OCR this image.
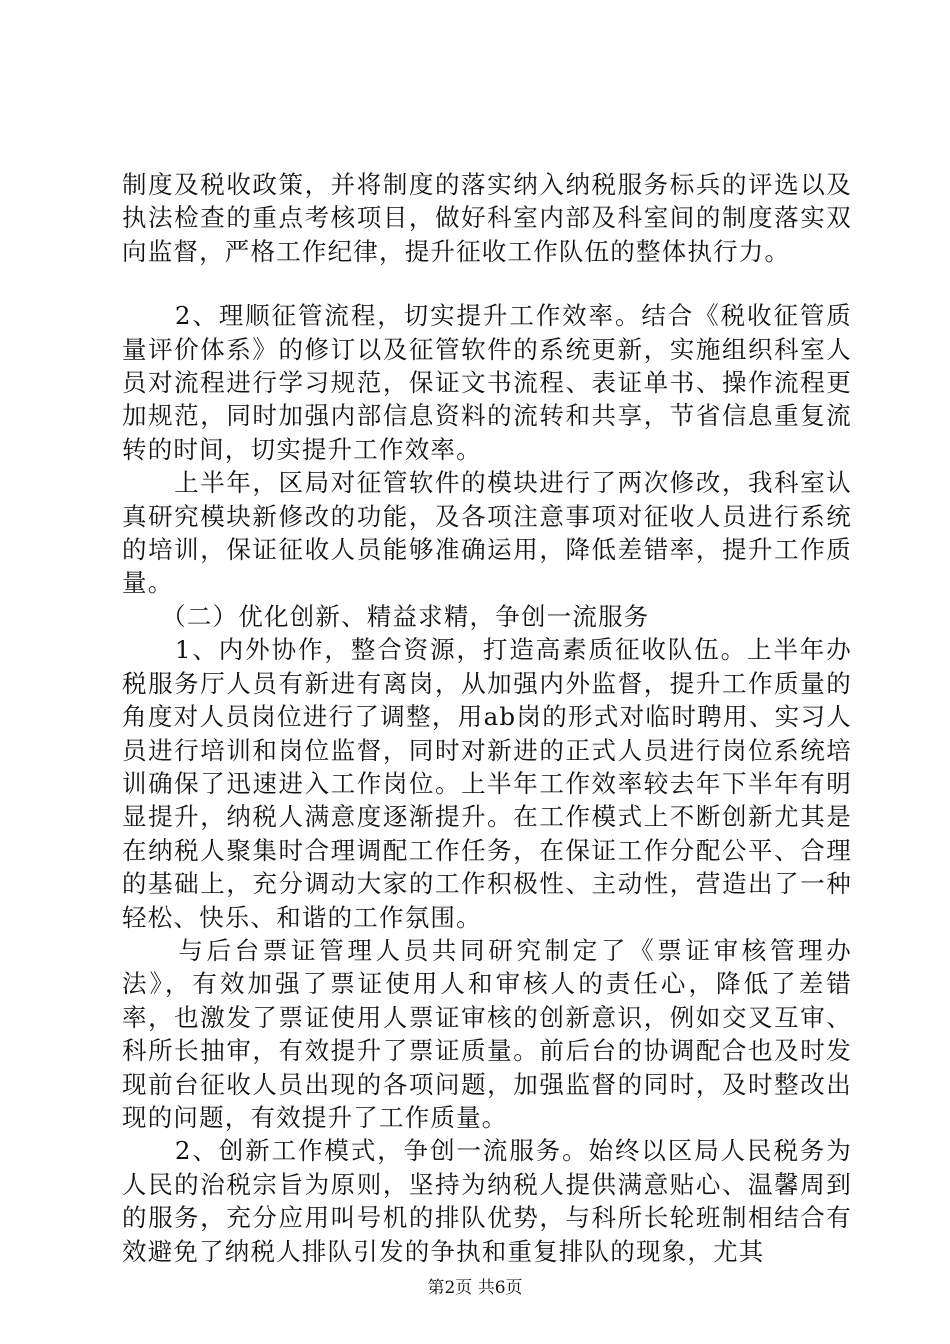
制度及税收政策，并将制度的落实纳入纳税服务标兵的评选以及执法检查的重点考核项目，做好科室内部及科室间的制度落实双向监督，严格工作纪律，提升征收工作队伍的整体执行力。

　　2、理顺征管流程，切实提升工作效率。结合《税收征管质量评价体系》的修订以及征管软件的系统更新，实施组织科室人员对流程进行学习规范，保证文书流程、表证单书、操作流程更加规范，同时加强内部信息资料的流转和共享，节省信息重复流转的时间，切实提升工作效率。

　　上半年，区局对征管软件的模块进行了两次修改，我科室认真研究模块新修改的功能，及各项注意事项对征收人员进行系统的培训，保证征收人员能够准确运用，降低差错率，提升工作质量。

　　（二）优化创新、精益求精，争创一流服务

　　1、内外协作，整合资源，打造高素质征收队伍。上半年办税服务厅人员有新进有离岗，从加强内外监督，提升工作质量的角度对人员岗位进行了调整，用ab岗的形式对临时聘用、实习人员进行培训和岗位监督，同时对新进的正式人员进行岗位系统培训确保了迅速进入工作岗位。上半年工作效率较去年下半年有明显提升，纳税人满意度逐渐提升。在工作模式上不断创新尤其是在纳税人聚集时合理调配工作任务，在保证工作分配公平、合理的基础上，充分调动大家的工作积极性、主动性，营造出了一种轻松、快乐、和谐的工作氛围。

　　与后台票证管理人员共同研究制定了《票证审核管理办法》，有效加强了票证使用人和审核人的责任心，降低了差错率，也激发了票证使用人票证审核的创新意识，例如交叉互审、科所长抽审，有效提升了票证质量。前后台的协调配合也及时发现前台征收人员出现的各项问题，加强监督的同时，及时整改出现的问题，有效提升了工作质量。

　　2、创新工作模式，争创一流服务。始终以区局人民税务为人民的治税宗旨为原则，坚持为纳税人提供满意贴心、温馨周到的服务，充分应用叫号机的排队优势，与科所长轮班制相结合有效避免了纳税人排队引发的争执和重复排队的现象，尤其

第2页 共6页
